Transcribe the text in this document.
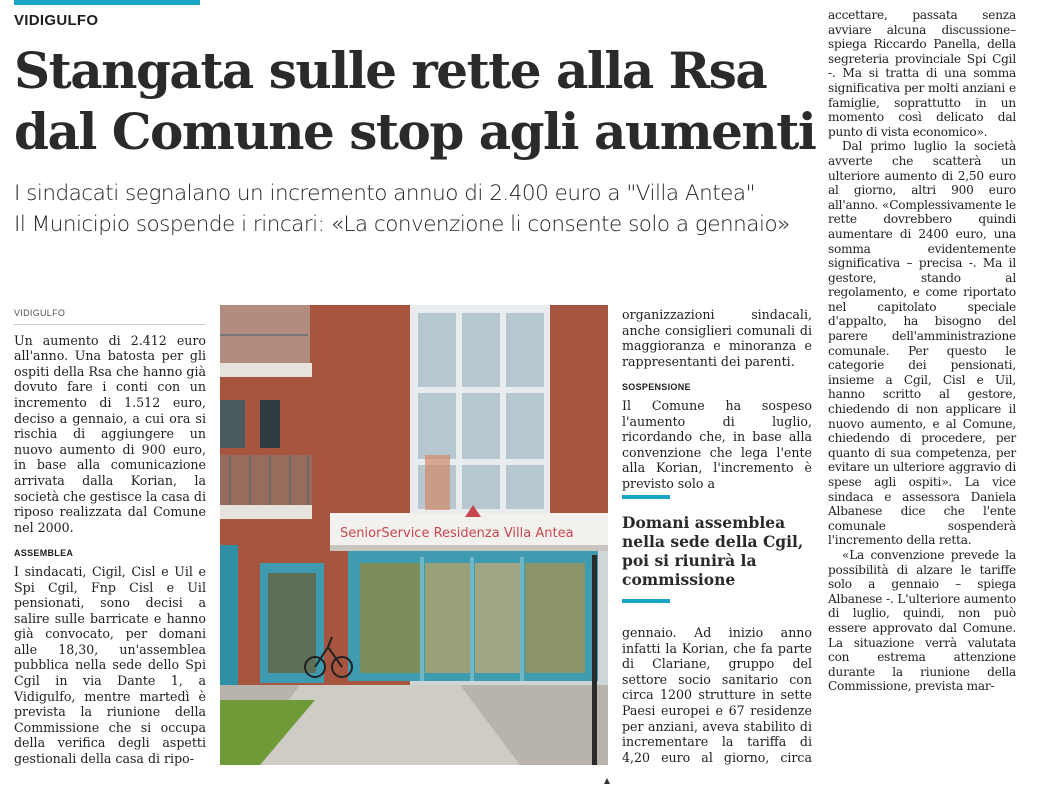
VIDIGULFO
Stangata sulle rette alla Rsa
dal Comune stop agli aumenti
I sindacati segnalano un incremento annuo di 2.400 euro a "Villa Antea"
Il Municipio sospende i rincari: «La convenzione li consente solo a gennaio»
VIDIGULFO

Un aumento di 2.412 euro all'anno. Una batosta per gli ospiti della Rsa che hanno già dovuto fare i conti con un incremento di 1.512 euro, deciso a gennaio, a cui ora si rischia di aggiungere un nuovo aumento di 900 euro, in base alla comunicazione arrivata dalla Korian, la società che gestisce la casa di riposo realizzata dal Comune nel 2000.

ASSEMBLEA

I sindacati, Cigil, Cisl e Uil e Spi Cgil, Fnp Cisl e Uil pensionati, sono decisi a salire sulle barricate e hanno già convocato, per domani alle 18,30, un'assemblea pubblica nella sede dello Spi Cgil in via Dante 1, a Vidigulfo, mentre martedì è prevista la riunione della Commissione che si occupa della verifica degli aspetti gestionali della casa di ripo-

SeniorService Residenza Villa Antea

organizzazioni sindacali, anche consiglieri comunali di maggioranza e minoranza e rappresentanti dei parenti.

SOSPENSIONE

Il Comune ha sospeso l'aumento di luglio, ricordando che, in base alla convenzione che lega l'ente alla Korian, l'incremento è previsto solo a

Domani assemblea nella sede della Cgil, poi si riunirà la commissione

gennaio. Ad inizio anno infatti la Korian, che fa parte di Clariane, gruppo del settore socio sanitario con circa 1200 strutture in sette Paesi europei e 67 residenze per anziani, aveva stabilito di incrementare la tariffa di 4,20 euro al giorno, circa

accettare, passata senza avviare alcuna discussione– spiega Riccardo Panella, della segreteria provinciale Spi Cgil -. Ma si tratta di una somma significativa per molti anziani e famiglie, soprattutto in un momento così delicato dal punto di vista economico».

Dal primo luglio la società avverte che scatterà un ulteriore aumento di 2,50 euro al giorno, altri 900 euro all'anno. «Complessivamente le rette dovrebbero quindi aumentare di 2400 euro, una somma evidentemente significativa – precisa -. Ma il gestore, stando al regolamento, e come riportato nel capitolato speciale d'appalto, ha bisogno del parere dell'amministrazione comunale. Per questo le categorie dei pensionati, insieme a Cgil, Cisl e Uil, hanno scritto al gestore, chiedendo di non applicare il nuovo aumento, e al Comune, chiedendo di procedere, per quanto di sua competenza, per evitare un ulteriore aggravio di spese agli ospiti». La vice sindaca e assessora Daniela Albanese dice che l'ente comunale sospenderà l'incremento della retta.

«La convenzione prevede la possibilità di alzare le tariffe solo a gennaio – spiega Albanese -. L'ulteriore aumento di luglio, quindi, non può essere approvato dal Comune. La situazione verrà valutata con estrema attenzione durante la riunione della Commissione, prevista mar-
